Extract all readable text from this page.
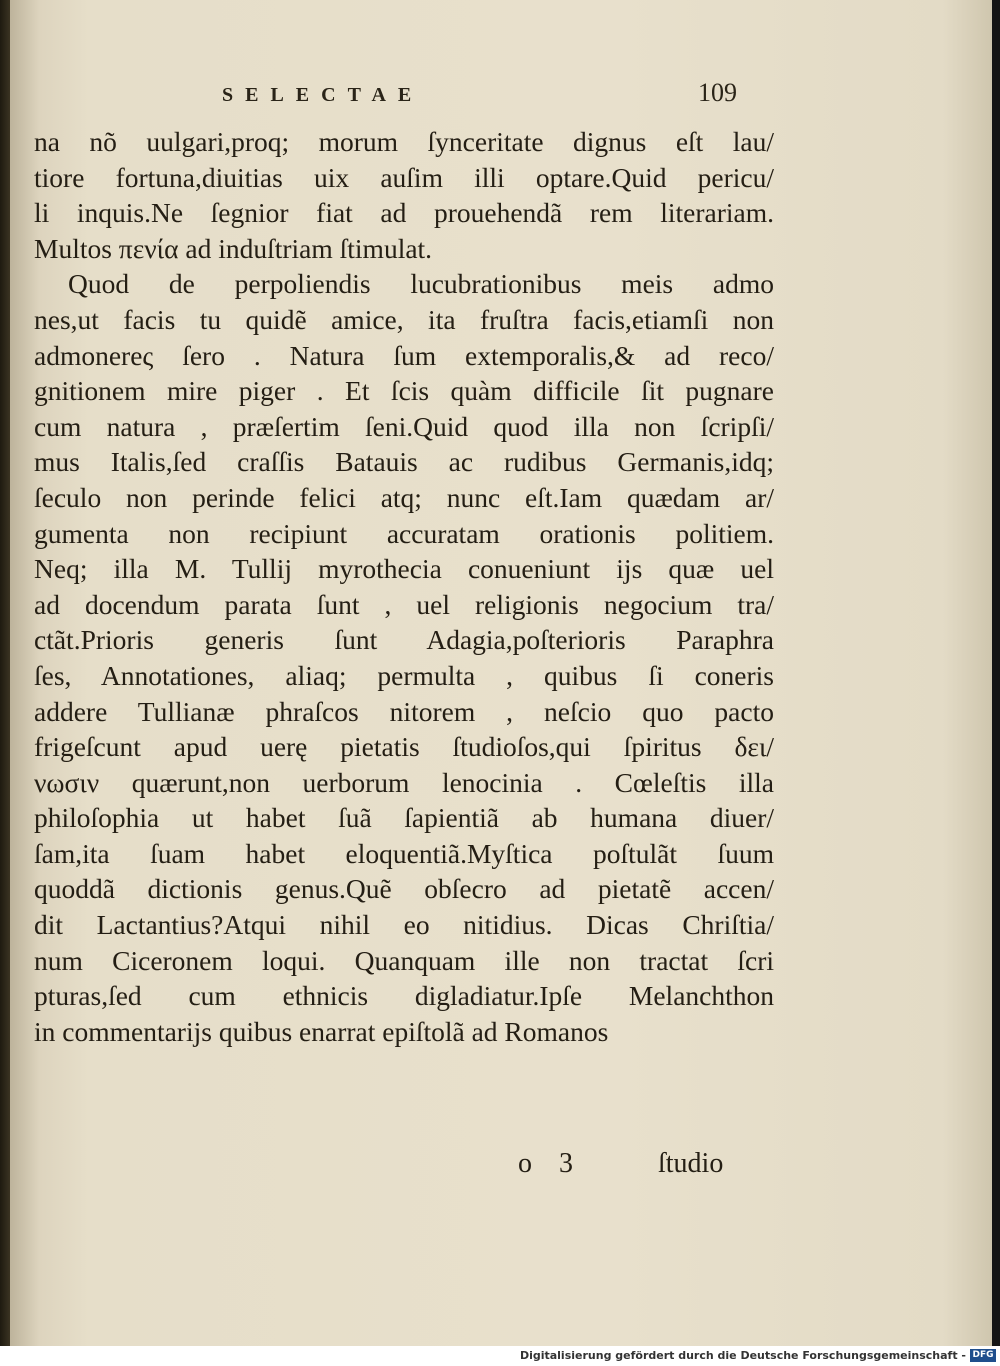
SELECTAE	109
na nõ uulgari,proq; morum ſynceritate dignus eſt lau/
tiore fortuna,diuitias uix auſim illi optare.Quid pericu/
li inquis.Ne ſegnior fiat ad prouehendã rem literariam.
Multos πενία ad induſtriam ſtimulat.
Quod de perpoliendis lucubrationibus meis admo
nes,ut facis tu quidẽ amice, ita fruſtra facis,etiamſi non
admonereς ſero . Natura ſum extemporalis,& ad reco/
gnitionem mire piger . Et ſcis quàm difficile ſit pugnare
cum natura , præſertim ſeni.Quid quod illa non ſcripſi/
mus Italis,ſed craſſis Batauis ac rudibus Germanis,idq;
ſeculo non perinde felici atq; nunc eſt.Iam quædam ar/
gumenta non recipiunt accuratam orationis politiem.
Neq; illa M. Tullij myrothecia conueniunt ijs quæ uel
ad docendum parata ſunt , uel religionis negocium tra/
ctãt.Prioris generis ſunt Adagia,poſterioris Paraphra
ſes, Annotationes, aliaq; permulta , quibus ſi coneris
addere Tullianæ phraſcos nitorem , neſcio quo pacto
frigeſcunt apud uerę pietatis ſtudioſos,qui ſpiritus δει/
νωσιν quærunt,non uerborum lenocinia . Cœleſtis illa
philoſophia ut habet ſuã ſapientiã ab humana diuer/
ſam,ita ſuam habet eloquentiã.Myſtica poſtulãt ſuum
quoddã dictionis genus.Quẽ obſecro ad pietatẽ accen/
dit Lactantius?Atqui nihil eo nitidius. Dicas Chriſtia/
num Ciceronem loqui. Quanquam ille non tractat ſcri
pturas,ſed cum ethnicis digladiatur.Ipſe Melanchthon
in commentarijs quibus enarrat epiſtolã ad Romanos
o 3	ſtudio
Digitalisierung gefördert durch die Deutsche Forschungsgemeinschaft - DFG
